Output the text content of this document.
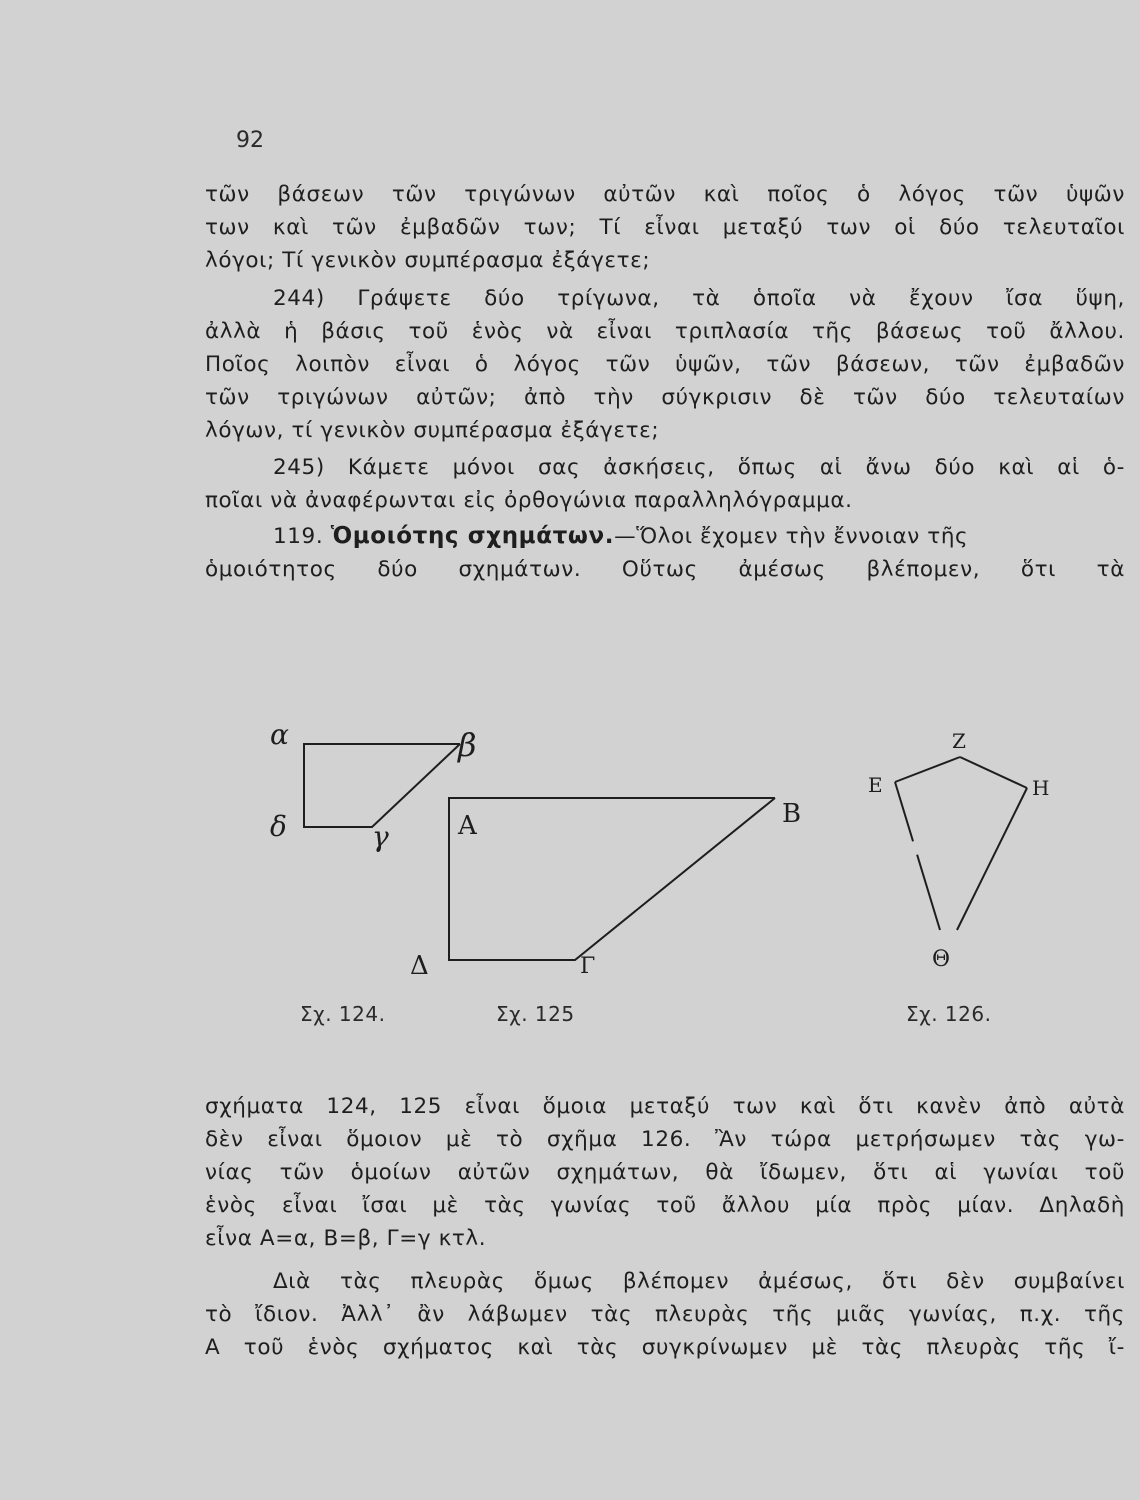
92
τῶν βάσεων τῶν τριγώνων αὐτῶν καὶ ποῖος ὁ λόγος τῶν ὑψῶν
των καὶ τῶν ἐμβαδῶν των; Τί εἶναι μεταξύ των οἱ δύο τελευταῖοι
λόγοι; Τί γενικὸν συμπέρασμα ἐξάγετε;
244) Γράψετε δύο τρίγωνα, τὰ ὁποῖα νὰ ἔχουν ἴσα ὕψη,
ἀλλὰ ἡ βάσις τοῦ ἑνὸς νὰ εἶναι τριπλασία τῆς βάσεως τοῦ ἄλλου.
Ποῖος λοιπὸν εἶναι ὁ λόγος τῶν ὑψῶν, τῶν βάσεων, τῶν ἐμβαδῶν
τῶν τριγώνων αὐτῶν; ἀπὸ τὴν σύγκρισιν δὲ τῶν δύο τελευταίων
λόγων, τί γενικὸν συμπέρασμα ἐξάγετε;
245) Κάμετε μόνοι σας ἀσκήσεις, ὅπως αἱ ἄνω δύο καὶ αἱ ὁ-
ποῖαι νὰ ἀναφέρωνται εἰς ὀρθογώνια παραλληλόγραμμα.
119. Ὁμοιότης σχημάτων.—Ὅλοι ἔχομεν τὴν ἔννοιαν τῆς
ὁμοιότητος δύο σχημάτων. Οὕτως ἀμέσως βλέπομεν, ὅτι τὰ
α	β
γ
δ	Α	Β
Γ
Δ
Ε
Ζ
Η
Θ
Σχ. 124.	Σχ. 125	Σχ. 126.
σχήματα 124, 125 εἶναι ὅμοια μεταξύ των καὶ ὅτι κανὲν ἀπὸ αὐτὰ
δὲν εἶναι ὅμοιον μὲ τὸ σχῆμα 126. Ἂν τώρα μετρήσωμεν τὰς γω-
νίας τῶν ὁμοίων αὐτῶν σχημάτων, θὰ ἴδωμεν, ὅτι αἱ γωνίαι τοῦ
ἑνὸς εἶναι ἴσαι μὲ τὰς γωνίας τοῦ ἄλλου μία πρὸς μίαν. Δηλαδὴ
εἶνα Α=α, Β=β, Γ=γ κτλ.
Διὰ τὰς πλευρὰς ὅμως βλέπομεν ἀμέσως, ὅτι δὲν συμβαίνει
τὸ ἴδιον. Ἀλλ᾽ ἂν λάβωμεν τὰς πλευρὰς τῆς μιᾶς γωνίας, π.χ. τῆς
Α τοῦ ἑνὸς σχήματος καὶ τὰς συγκρίνωμεν μὲ τὰς πλευρὰς τῆς ἴ-
